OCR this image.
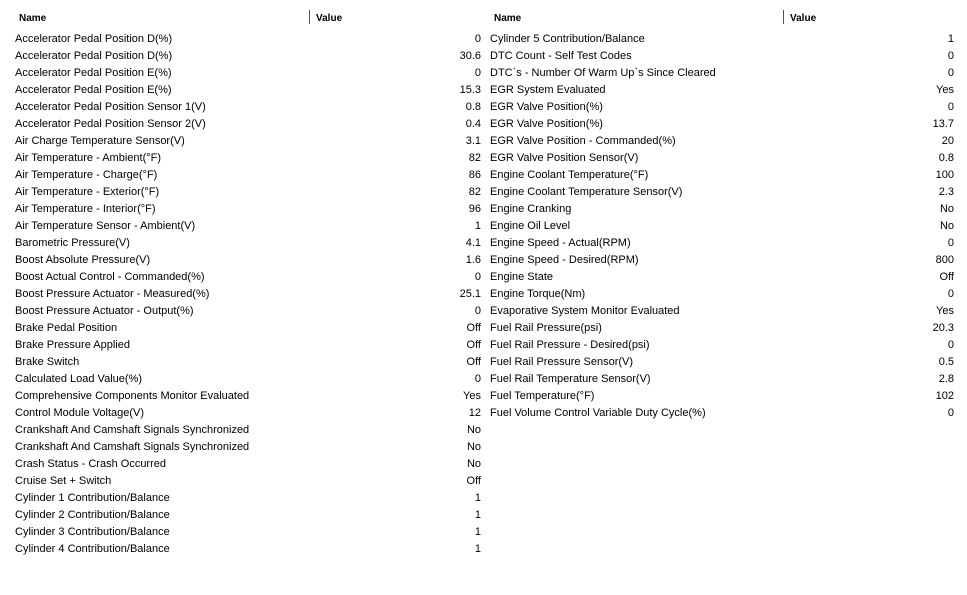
Name	Value
Accelerator Pedal Position D(%)	0
Accelerator Pedal Position D(%)	30.6
Accelerator Pedal Position E(%)	0
Accelerator Pedal Position E(%)	15.3
Accelerator Pedal Position Sensor 1(V)	0.8
Accelerator Pedal Position Sensor 2(V)	0.4
Air Charge Temperature Sensor(V)	3.1
Air Temperature - Ambient(°F)	82
Air Temperature - Charge(°F)	86
Air Temperature - Exterior(°F)	82
Air Temperature - Interior(°F)	96
Air Temperature Sensor - Ambient(V)	1
Barometric Pressure(V)	4.1
Boost Absolute Pressure(V)	1.6
Boost Actual Control - Commanded(%)	0
Boost Pressure Actuator - Measured(%)	25.1
Boost Pressure Actuator - Output(%)	0
Brake Pedal Position	Off
Brake Pressure Applied	Off
Brake Switch	Off
Calculated Load Value(%)	0
Comprehensive Components Monitor Evaluated	Yes
Control Module Voltage(V)	12
Crankshaft And Camshaft Signals Synchronized	No
Crankshaft And Camshaft Signals Synchronized	No
Crash Status - Crash Occurred	No
Cruise Set + Switch	Off
Cylinder 1 Contribution/Balance	1
Cylinder 2 Contribution/Balance	1
Cylinder 3 Contribution/Balance	1
Cylinder 4 Contribution/Balance	1
Name	Value
Cylinder 5 Contribution/Balance	1
DTC Count - Self Test Codes	0
DTC`s - Number Of Warm Up`s Since Cleared	0
EGR System Evaluated	Yes
EGR Valve Position(%)	0
EGR Valve Position(%)	13.7
EGR Valve Position - Commanded(%)	20
EGR Valve Position Sensor(V)	0.8
Engine Coolant Temperature(°F)	100
Engine Coolant Temperature Sensor(V)	2.3
Engine Cranking	No
Engine Oil Level	No
Engine Speed - Actual(RPM)	0
Engine Speed - Desired(RPM)	800
Engine State	Off
Engine Torque(Nm)	0
Evaporative System Monitor Evaluated	Yes
Fuel Rail Pressure(psi)	20.3
Fuel Rail Pressure - Desired(psi)	0
Fuel Rail Pressure Sensor(V)	0.5
Fuel Rail Temperature Sensor(V)	2.8
Fuel Temperature(°F)	102
Fuel Volume Control Variable Duty Cycle(%)	0
